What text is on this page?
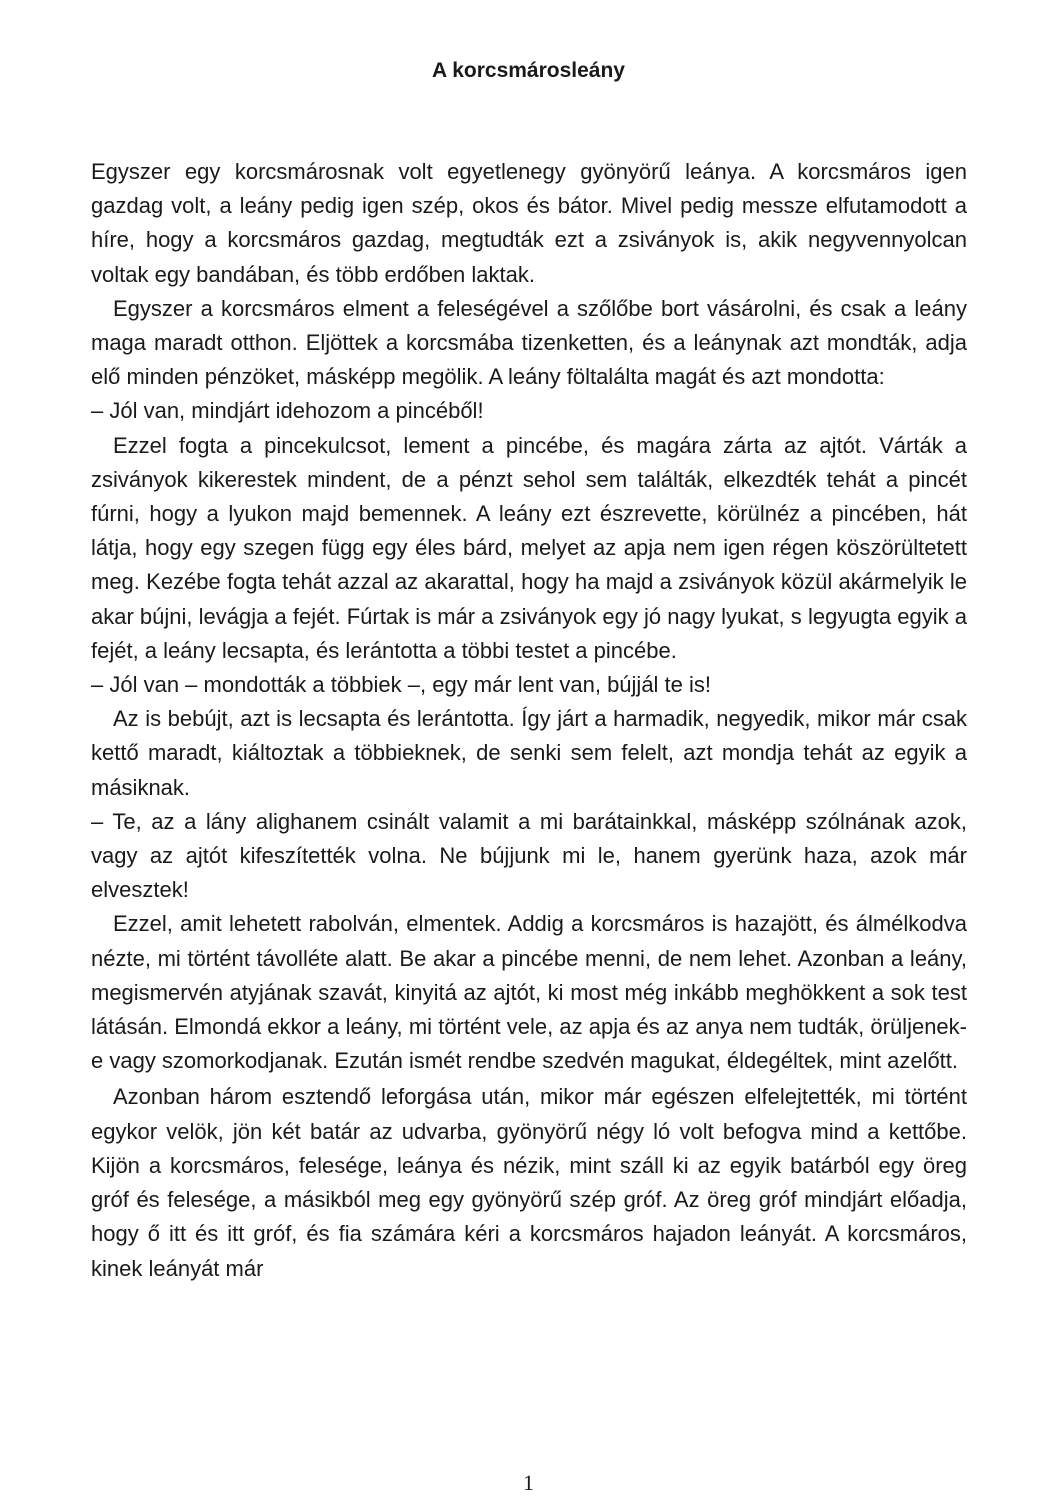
A korcsmárosleány

Egyszer egy korcsmárosnak volt egyetlenegy gyönyörű leánya. A korcsmáros igen gazdag volt, a leány pedig igen szép, okos és bátor. Mivel pedig messze elfutamodott a híre, hogy a korcsmáros gazdag, megtudták ezt a zsiványok is, akik negyvennyolcan voltak egy bandában, és több erdőben laktak.

Egyszer a korcsmáros elment a feleségével a szőlőbe bort vásárolni, és csak a leány maga maradt otthon. Eljöttek a korcsmába tizenketten, és a leánynak azt mondták, adja elő minden pénzöket, másképp megölik. A leány föltalálta magát és azt mondotta:

– Jól van, mindjárt idehozom a pincéből!

Ezzel fogta a pincekulcsot, lement a pincébe, és magára zárta az ajtót. Várták a zsiványok kikerestek mindent, de a pénzt sehol sem találták, elkezdték tehát a pincét fúrni, hogy a lyukon majd bemennek. A leány ezt észrevette, körülnéz a pincében, hát látja, hogy egy szegen függ egy éles bárd, melyet az apja nem igen régen köszörültetett meg. Kezébe fogta tehát azzal az akarattal, hogy ha majd a zsiványok közül akármelyik le akar bújni, levágja a fejét. Fúrtak is már a zsiványok egy jó nagy lyukat, s legyugta egyik a fejét, a leány lecsapta, és lerántotta a többi testet a pincébe.

– Jól van – mondották a többiek –, egy már lent van, bújjál te is!

Az is bebújt, azt is lecsapta és lerántotta. Így járt a harmadik, negyedik, mikor már csak kettő maradt, kiáltoztak a többieknek, de senki sem felelt, azt mondja tehát az egyik a másiknak.

– Te, az a lány alighanem csinált valamit a mi barátainkkal, másképp szólnának azok, vagy az ajtót kifeszítették volna. Ne bújjunk mi le, hanem gyerünk haza, azok már elvesztek!

Ezzel, amit lehetett rabolván, elmentek. Addig a korcsmáros is hazajött, és álmélkodva nézte, mi történt távolléte alatt. Be akar a pincébe menni, de nem lehet. Azonban a leány, megismervén atyjának szavát, kinyitá az ajtót, ki most még inkább meghökkent a sok test látásán. Elmondá ekkor a leány, mi történt vele, az apja és az anya nem tudták, örüljenek-e vagy szomorkodjanak. Ezután ismét rendbe szedvén magukat, éldegéltek, mint azelőtt.

Azonban három esztendő leforgása után, mikor már egészen elfelejtették, mi történt egykor velök, jön két batár az udvarba, gyönyörű négy ló volt befogva mind a kettőbe. Kijön a korcsmáros, felesége, leánya és nézik, mint száll ki az egyik batárból egy öreg gróf és felesége, a másikból meg egy gyönyörű szép gróf. Az öreg gróf mindjárt előadja, hogy ő itt és itt gróf, és fia számára kéri a korcsmáros hajadon leányát. A korcsmáros, kinek leányát már

1
